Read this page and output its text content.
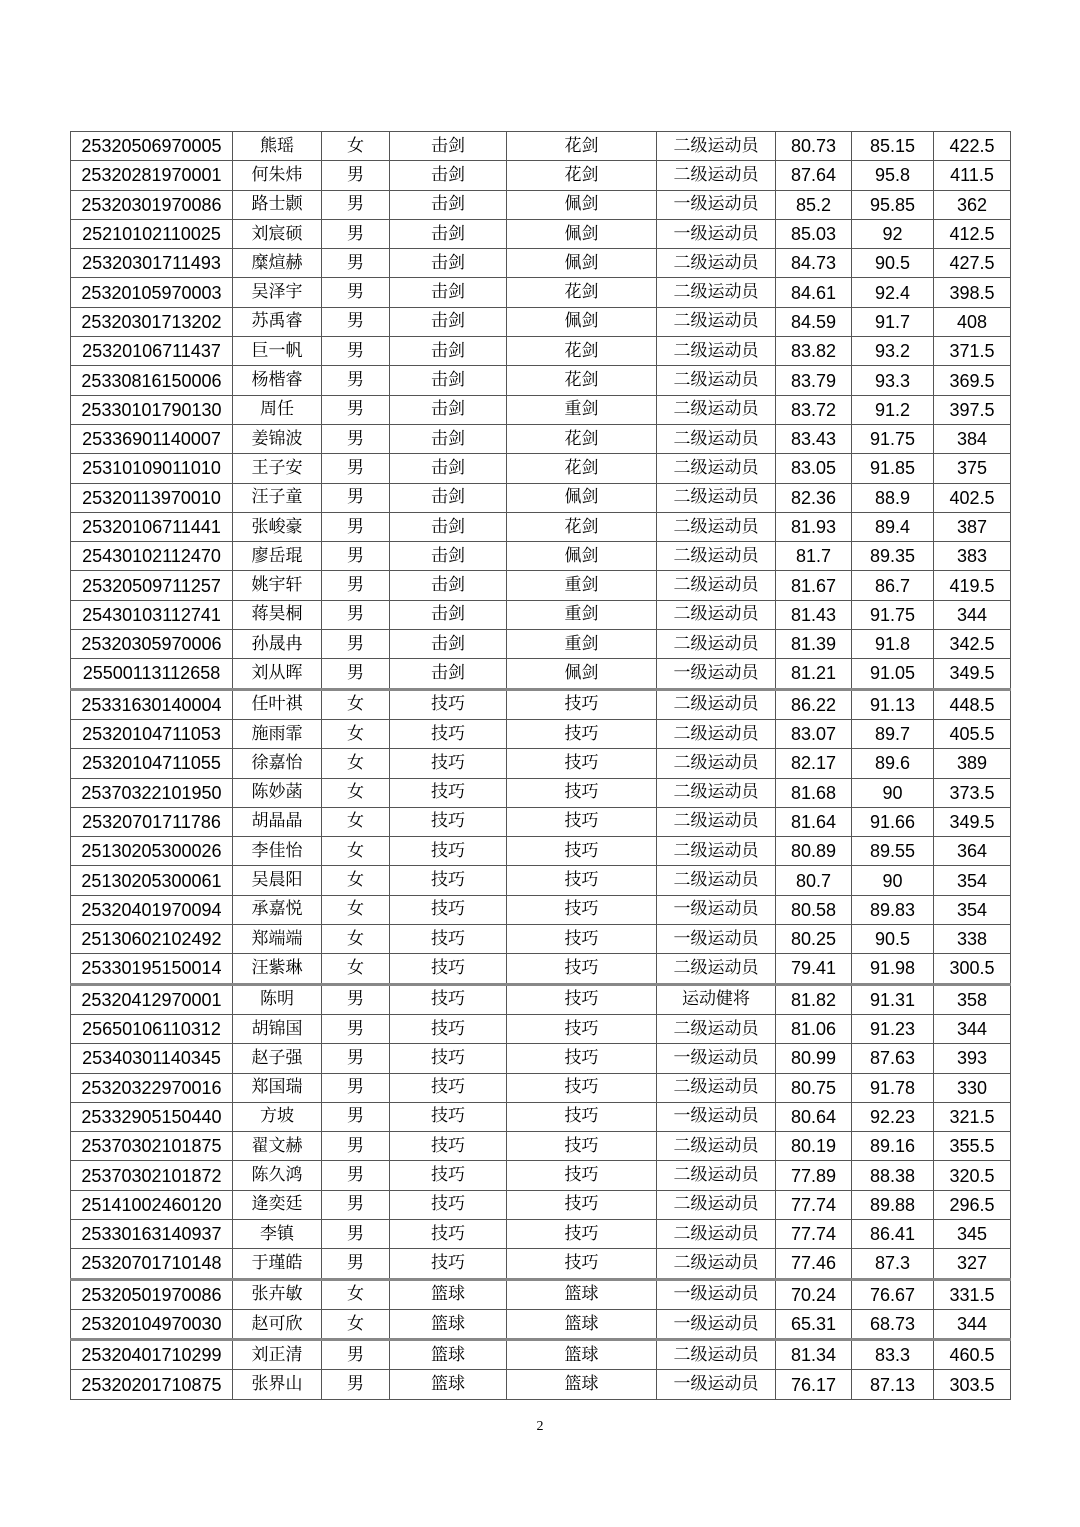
25320506970005	熊瑶	女	击剑	花剑	二级运动员	80.73	85.15	422.5
25320281970001	何朱炜	男	击剑	花剑	二级运动员	87.64	95.8	411.5
25320301970086	路士颢	男	击剑	佩剑	一级运动员	85.2	95.85	362
25210102110025	刘宸硕	男	击剑	佩剑	一级运动员	85.03	92	412.5
25320301711493	糜煊赫	男	击剑	佩剑	二级运动员	84.73	90.5	427.5
25320105970003	吴泽宇	男	击剑	花剑	二级运动员	84.61	92.4	398.5
25320301713202	苏禹睿	男	击剑	佩剑	二级运动员	84.59	91.7	408
25320106711437	巨一帆	男	击剑	花剑	二级运动员	83.82	93.2	371.5
25330816150006	杨楷睿	男	击剑	花剑	二级运动员	83.79	93.3	369.5
25330101790130	周任	男	击剑	重剑	二级运动员	83.72	91.2	397.5
25336901140007	姜锦波	男	击剑	花剑	二级运动员	83.43	91.75	384
25310109011010	王子安	男	击剑	花剑	二级运动员	83.05	91.85	375
25320113970010	汪子童	男	击剑	佩剑	二级运动员	82.36	88.9	402.5
25320106711441	张峻豪	男	击剑	花剑	二级运动员	81.93	89.4	387
25430102112470	廖岳琨	男	击剑	佩剑	二级运动员	81.7	89.35	383
25320509711257	姚宇轩	男	击剑	重剑	二级运动员	81.67	86.7	419.5
25430103112741	蒋昊桐	男	击剑	重剑	二级运动员	81.43	91.75	344
25320305970006	孙晟冉	男	击剑	重剑	二级运动员	81.39	91.8	342.5
25500113112658	刘从晖	男	击剑	佩剑	一级运动员	81.21	91.05	349.5
25331630140004	任叶祺	女	技巧	技巧	二级运动员	86.22	91.13	448.5
25320104711053	施雨霏	女	技巧	技巧	二级运动员	83.07	89.7	405.5
25320104711055	徐嘉怡	女	技巧	技巧	二级运动员	82.17	89.6	389
25370322101950	陈妙菡	女	技巧	技巧	二级运动员	81.68	90	373.5
25320701711786	胡晶晶	女	技巧	技巧	二级运动员	81.64	91.66	349.5
25130205300026	李佳怡	女	技巧	技巧	二级运动员	80.89	89.55	364
25130205300061	吴晨阳	女	技巧	技巧	二级运动员	80.7	90	354
25320401970094	承嘉悦	女	技巧	技巧	一级运动员	80.58	89.83	354
25130602102492	郑端端	女	技巧	技巧	一级运动员	80.25	90.5	338
25330195150014	汪紫琳	女	技巧	技巧	二级运动员	79.41	91.98	300.5
25320412970001	陈明	男	技巧	技巧	运动健将	81.82	91.31	358
25650106110312	胡锦国	男	技巧	技巧	二级运动员	81.06	91.23	344
25340301140345	赵子强	男	技巧	技巧	一级运动员	80.99	87.63	393
25320322970016	郑国瑞	男	技巧	技巧	二级运动员	80.75	91.78	330
25332905150440	方坡	男	技巧	技巧	一级运动员	80.64	92.23	321.5
25370302101875	翟文赫	男	技巧	技巧	二级运动员	80.19	89.16	355.5
25370302101872	陈久鸿	男	技巧	技巧	二级运动员	77.89	88.38	320.5
25141002460120	逄奕廷	男	技巧	技巧	二级运动员	77.74	89.88	296.5
25330163140937	李镇	男	技巧	技巧	二级运动员	77.74	86.41	345
25320701710148	于瑾皓	男	技巧	技巧	二级运动员	77.46	87.3	327
25320501970086	张卉敏	女	篮球	篮球	一级运动员	70.24	76.67	331.5
25320104970030	赵可欣	女	篮球	篮球	一级运动员	65.31	68.73	344
25320401710299	刘正清	男	篮球	篮球	二级运动员	81.34	83.3	460.5
25320201710875	张界山	男	篮球	篮球	一级运动员	76.17	87.13	303.5
2
